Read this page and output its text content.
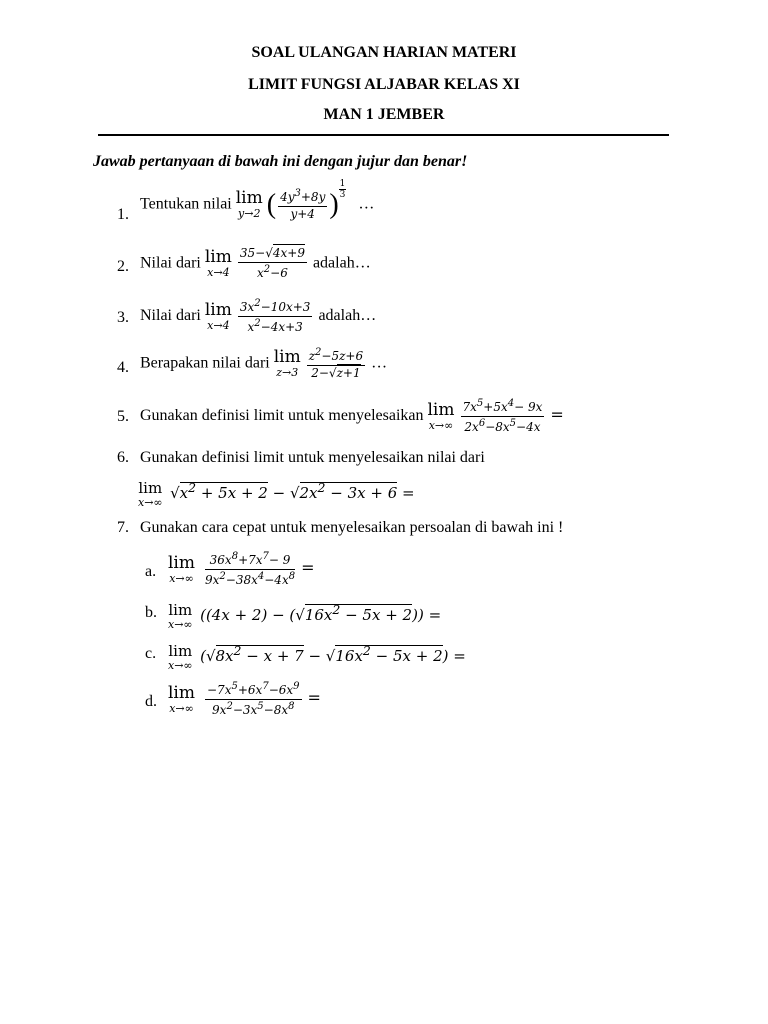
SOAL ULANGAN HARIAN MATERI
LIMIT FUNGSI ALJABAR KELAS XI
MAN 1 JEMBER
Jawab pertanyaan di bawah ini dengan jujur dan benar!
1.
Tentukan nilai lim
y→2 ( $\frac{4y^3+8y}{y+4}$ ) $\frac{1}{3}$   …
2. Nilai dari lim
x→4
$\frac{35-√4x+9}{x^2-6}$ adalah…
3. Nilai dari lim
x→4
$\frac{3x^2-10x+3}{x^2-4x+3}$ adalah…
4. Berapakan nilai dari lim
z→3
$\frac{z^2-5z+6}{2-√z+1}$ …
5. Gunakan definisi limit untuk menyelesaikan lim
x→∞
$\frac{7x^5+5x^4- 9x}{2x^6-8x^5-4x}$ =
6. Gunakan definisi limit untuk menyelesaikan nilai dari
lim
x→∞
$√x^2 + 5x + 2 - √2x^2 - 3x + 6$ =
7. Gunakan cara cepat untuk menyelesaikan persoalan di bawah ini !
a. lim
x→∞
$\frac{36x^8+7x^7- 9}{9x^2-38x^4-4x^8}$ =
b. lim
x→∞
$((4x + 2) - (√16x^2 - 5x + 2))$ =
c. lim
x→∞
$(√8x^2 - x + 7 - √16x^2 - 5x + 2)$ =
d. lim
x→∞
$\frac{-7x^5+6x^7-6x^9}{9x^2-3x^5-8x^8}$ =
